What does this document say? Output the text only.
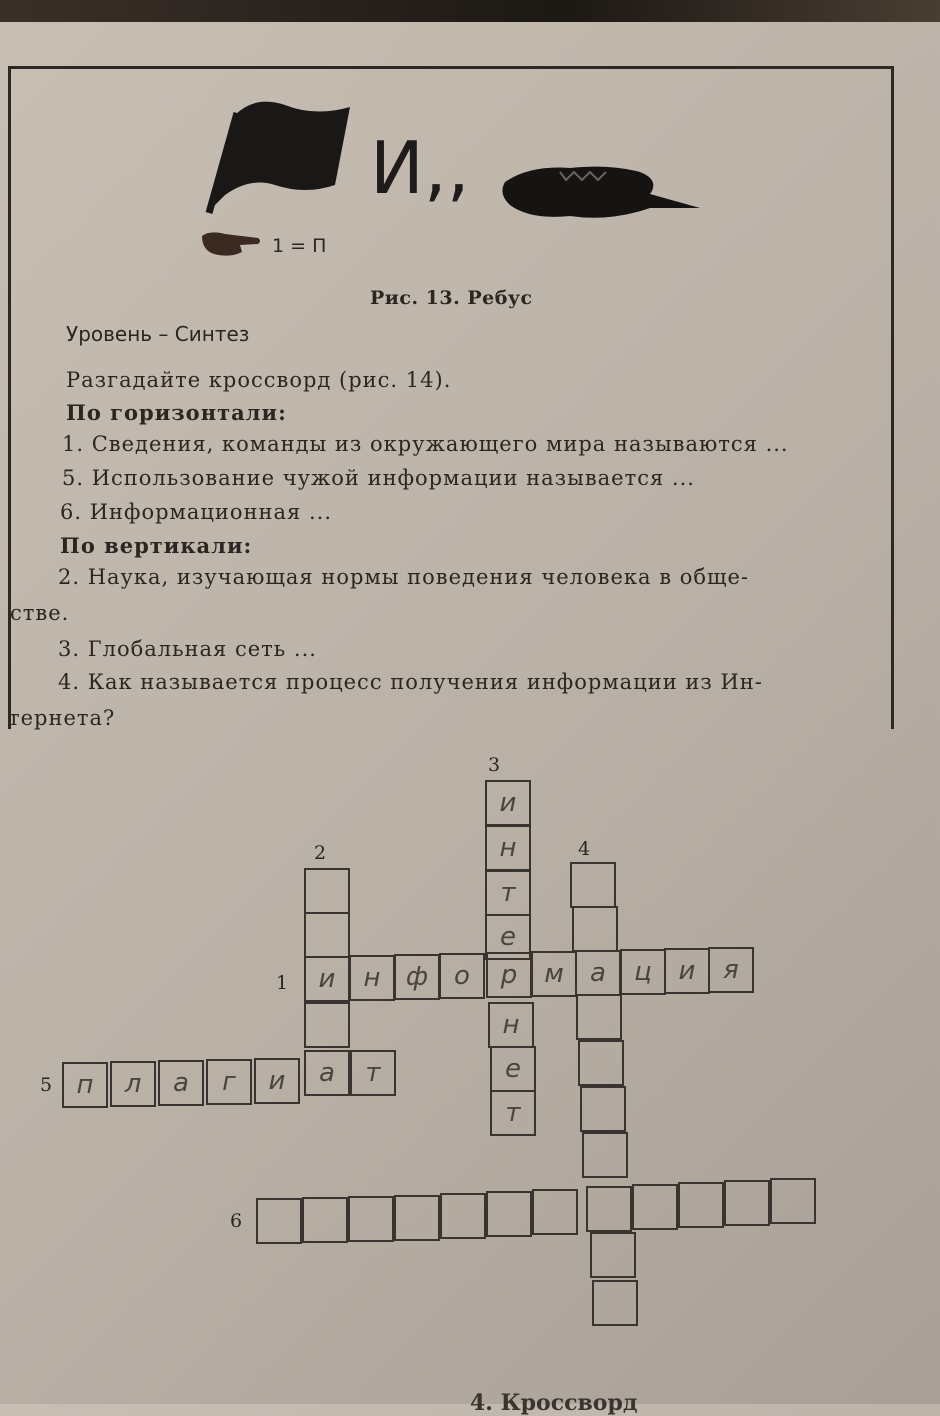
И,,
1 = П
Рис. 13. Ребус
Уровень – Синтез
Разгадайте кроссворд (рис. 14).
По горизонтали:
1. Сведения, команды из окружающего мира называются ...
5. Использование чужой информации называется ...
6. Информационная ...
По вертикали:
2. Наука, изучающая нормы поведения человека в обще-
стве.
3. Глобальная сеть ...
4. Как называется процесс получения информации из Ин-
тернета?
3
2	4
1
5
6
и
н
т
е
н
е
т
и	н ф о	р	м	а	ц	и	я
п	л	а	г	и	а	т
4. Кроссворд
